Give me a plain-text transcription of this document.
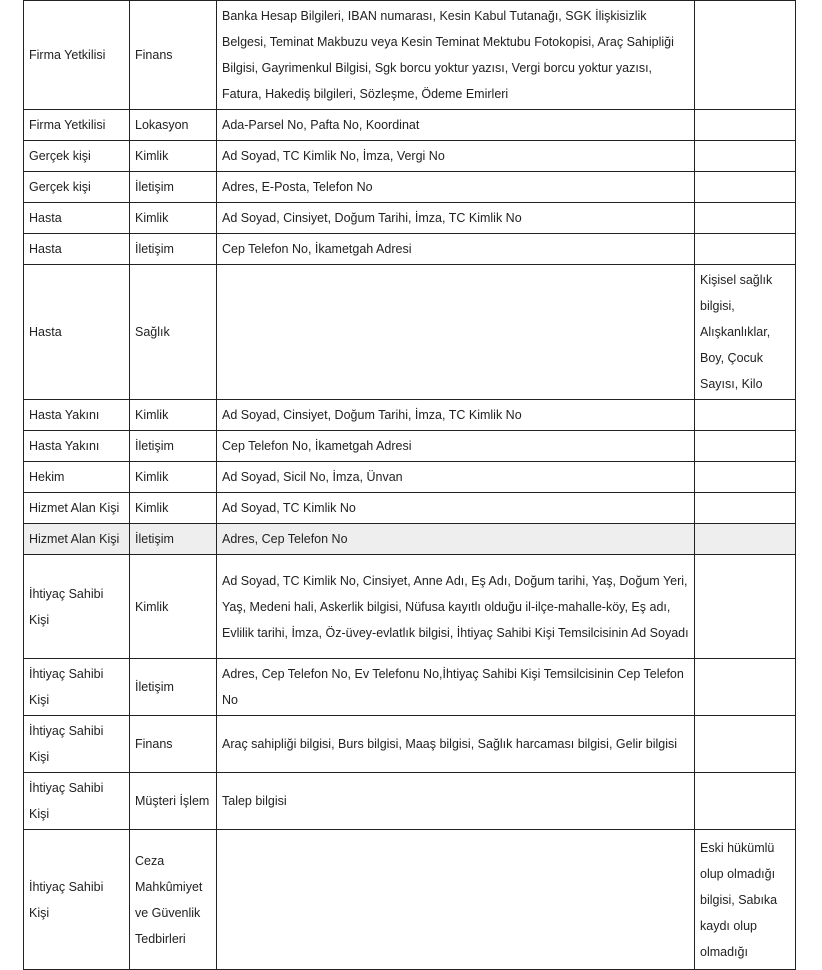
Firma Yetkilisi	Finans	Banka Hesap Bilgileri, IBAN numarası, Kesin Kabul Tutanağı, SGK İlişkisizlik Belgesi, Teminat Makbuzu veya Kesin Teminat Mektubu Fotokopisi, Araç Sahipliği Bilgisi, Gayrimenkul Bilgisi, Sgk borcu yoktur yazısı, Vergi borcu yoktur yazısı, Fatura, Hakediş bilgileri, Sözleşme, Ödeme Emirleri	
Firma Yetkilisi	Lokasyon	Ada-Parsel No, Pafta No, Koordinat	
Gerçek kişi	Kimlik	Ad Soyad, TC Kimlik No, İmza, Vergi No	
Gerçek kişi	İletişim	Adres, E-Posta, Telefon No	
Hasta	Kimlik	Ad Soyad, Cinsiyet, Doğum Tarihi, İmza, TC Kimlik No	
Hasta	İletişim	Cep Telefon No, İkametgah Adresi	
Hasta	Sağlık		Kişisel sağlık bilgisi, Alışkanlıklar, Boy, Çocuk Sayısı, Kilo
Hasta Yakını	Kimlik	Ad Soyad, Cinsiyet, Doğum Tarihi, İmza, TC Kimlik No	
Hasta Yakını	İletişim	Cep Telefon No, İkametgah Adresi	
Hekim	Kimlik	Ad Soyad, Sicil No, İmza, Ünvan	
Hizmet Alan Kişi	Kimlik	Ad Soyad, TC Kimlik No	
Hizmet Alan Kişi	İletişim	Adres, Cep Telefon No	
İhtiyaç Sahibi Kişi	Kimlik	Ad Soyad, TC Kimlik No, Cinsiyet, Anne Adı, Eş Adı, Doğum tarihi, Yaş, Doğum Yeri, Yaş, Medeni hali, Askerlik bilgisi, Nüfusa kayıtlı olduğu il-ilçe-mahalle-köy, Eş adı, Evlilik tarihi, İmza, Öz-üvey-evlatlık bilgisi, İhtiyaç Sahibi Kişi Temsilcisinin Ad Soyadı	
İhtiyaç Sahibi Kişi	İletişim	Adres, Cep Telefon No, Ev Telefonu No,İhtiyaç Sahibi Kişi Temsilcisinin Cep Telefon No	
İhtiyaç Sahibi Kişi	Finans	Araç sahipliği bilgisi, Burs bilgisi, Maaş bilgisi, Sağlık harcaması bilgisi, Gelir bilgisi	
İhtiyaç Sahibi Kişi	Müşteri İşlem	Talep bilgisi	
İhtiyaç Sahibi Kişi	Ceza Mahkûmiyet ve Güvenlik Tedbirleri		Eski hükümlü olup olmadığı bilgisi, Sabıka kaydı olup olmadığı
